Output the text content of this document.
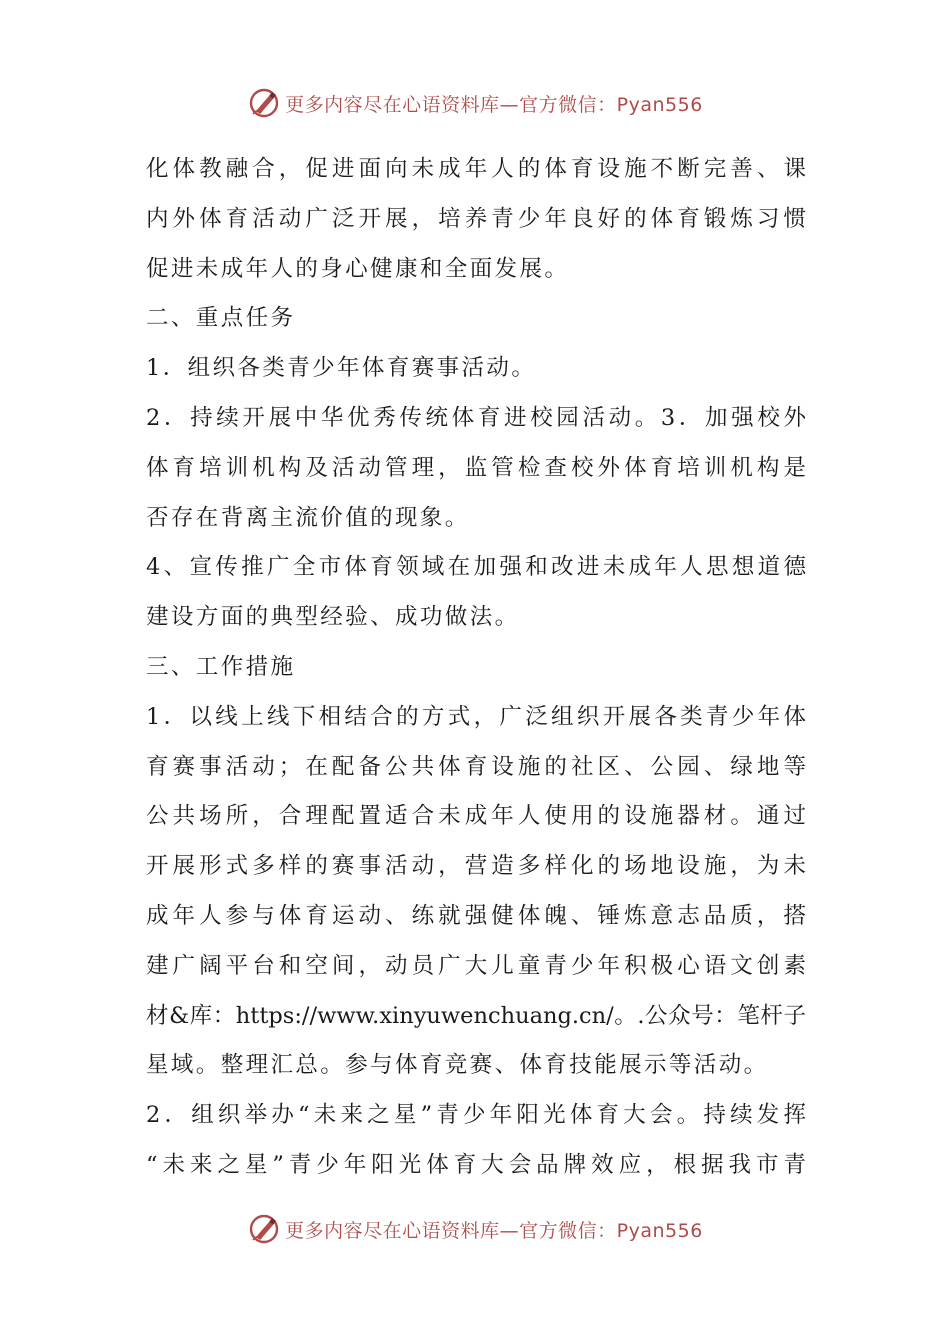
更多内容尽在心语资料库—官方微信：Pyan556
化体教融合，促进面向未成年人的体育设施不断完善、课
内外体育活动广泛开展，培养青少年良好的体育锻炼习惯
促进未成年人的身心健康和全面发展。
二、重点任务
1．组织各类青少年体育赛事活动。
2．持续开展中华优秀传统体育进校园活动。3．加强校外
体育培训机构及活动管理，监管检查校外体育培训机构是
否存在背离主流价值的现象。
4、宣传推广全市体育领域在加强和改进未成年人思想道德
建设方面的典型经验、成功做法。
三、工作措施
1．以线上线下相结合的方式，广泛组织开展各类青少年体
育赛事活动；在配备公共体育设施的社区、公园、绿地等
公共场所，合理配置适合未成年人使用的设施器材。通过
开展形式多样的赛事活动，营造多样化的场地设施，为未
成年人参与体育运动、练就强健体魄、锤炼意志品质，搭
建广阔平台和空间，动员广大儿童青少年积极心语文创素
材&库：https://www.xinyuwenchuang.cn/。.公众号：笔杆子
星域。整理汇总。参与体育竞赛、体育技能展示等活动。
2．组织举办“未来之星”青少年阳光体育大会。持续发挥
“未来之星”青少年阳光体育大会品牌效应，根据我市青
更多内容尽在心语资料库—官方微信：Pyan556
